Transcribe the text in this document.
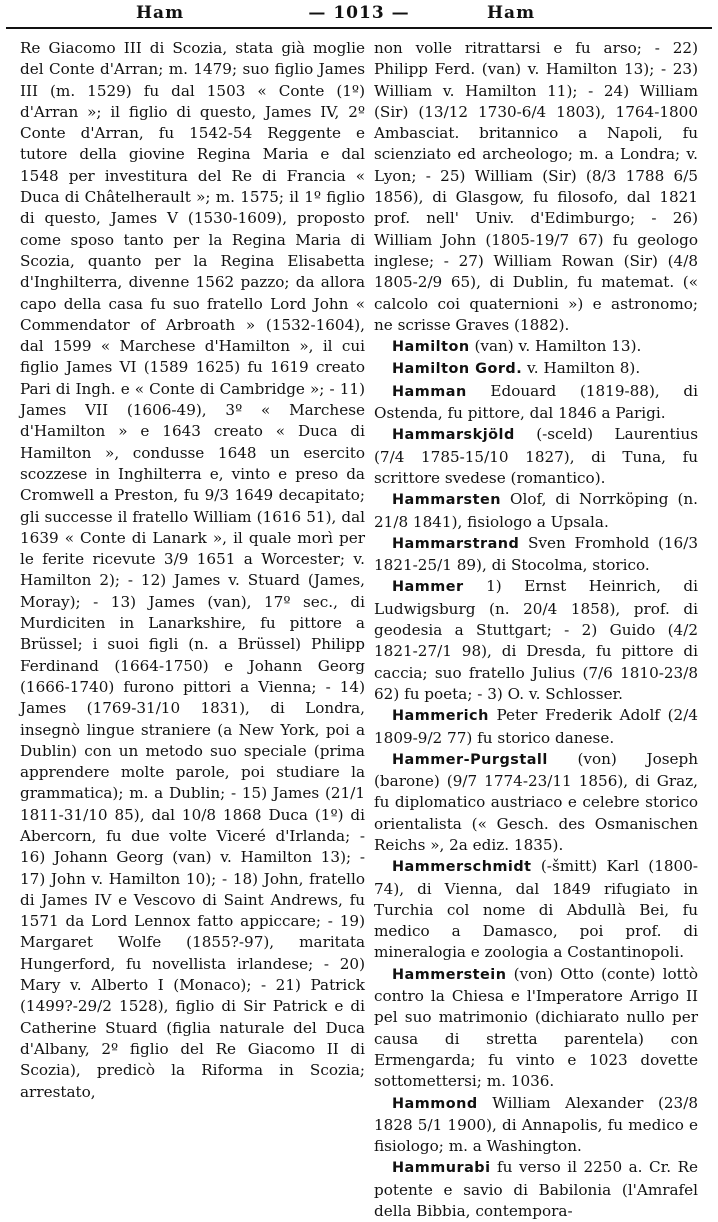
Ham	— 1013 —	Ham

Re Giacomo III di Scozia, stata già moglie del Conte d'Arran; m. 1479; suo figlio James III (m. 1529) fu dal 1503 « Conte (1º) d'Arran »; il figlio di questo, James IV, 2º Conte d'Arran, fu 1542-54 Reggente e tutore della giovine Regina Maria e dal 1548 per investitura del Re di Francia « Duca di Châtelherault »; m. 1575; il 1º figlio di questo, James V (1530-1609), proposto come sposo tanto per la Regina Maria di Scozia, quanto per la Regina Elisabetta d'Inghilterra, divenne 1562 pazzo; da allora capo della casa fu suo fratello Lord John « Commendator of Arbroath » (1532-1604), dal 1599 « Marchese d'Hamilton », il cui figlio James VI (1589 1625) fu 1619 creato Pari di Ingh. e « Conte di Cambridge »; - 11) James VII (1606-49), 3º « Marchese d'Hamilton » e 1643 creato « Duca di Hamilton », condusse 1648 un esercito scozzese in Inghilterra e, vinto e preso da Cromwell a Preston, fu 9/3 1649 decapitato; gli successe il fratello William (1616 51), dal 1639 « Conte di Lanark », il quale morì per le ferite ricevute 3/9 1651 a Worcester; v. Hamilton 2); - 12) James v. Stuard (James, Moray); - 13) James (van), 17º sec., di Murdiciten in Lanarkshire, fu pittore a Brüssel; i suoi figli (n. a Brüssel) Philipp Ferdinand (1664-1750) e Johann Georg (1666-1740) furono pittori a Vienna; - 14) James (1769-31/10 1831), di Londra, insegnò lingue straniere (a New York, poi a Dublin) con un metodo suo speciale (prima apprendere molte parole, poi studiare la grammatica); m. a Dublin; - 15) James (21/1 1811-31/10 85), dal 10/8 1868 Duca (1º) di Abercorn, fu due volte Viceré d'Irlanda; - 16) Johann Georg (van) v. Hamilton 13); - 17) John v. Hamilton 10); - 18) John, fratello di James IV e Vescovo di Saint Andrews, fu 1571 da Lord Lennox fatto appiccare; - 19) Margaret Wolfe (1855?-97), maritata Hungerford, fu novellista irlandese; - 20) Mary v. Alberto I (Monaco); - 21) Patrick (1499?-29/2 1528), figlio di Sir Patrick e di Catherine Stuard (figlia naturale del Duca d'Albany, 2º figlio del Re Giacomo II di Scozia), predicò la Riforma in Scozia; arrestato,

non volle ritrattarsi e fu arso; - 22) Philipp Ferd. (van) v. Hamilton 13); - 23) William v. Hamilton 11); - 24) William (Sir) (13/12 1730-6/4 1803), 1764-1800 Ambasciat. britannico a Napoli, fu scienziato ed archeologo; m. a Londra; v. Lyon; - 25) William (Sir) (8/3 1788 6/5 1856), di Glasgow, fu filosofo, dal 1821 prof. nell' Univ. d'Edimburgo; - 26) William John (1805-19/7 67) fu geologo inglese; - 27) William Rowan (Sir) (4/8 1805-2/9 65), di Dublin, fu matemat. (« calcolo coi quaternioni ») e astronomo; ne scrisse Graves (1882).

Hamilton (van) v. Hamilton 13).

Hamilton Gord. v. Hamilton 8).

Hamman Edouard (1819-88), di Ostenda, fu pittore, dal 1846 a Parigi.

Hammarskjöld (-sceld) Laurentius (7/4 1785-15/10 1827), di Tuna, fu scrittore svedese (romantico).

Hammarsten Olof, di Norrköping (n. 21/8 1841), fisiologo a Upsala.

Hammarstrand Sven Fromhold (16/3 1821-25/1 89), di Stocolma, storico.

Hammer 1) Ernst Heinrich, di Ludwigsburg (n. 20/4 1858), prof. di geodesia a Stuttgart; - 2) Guido (4/2 1821-27/1 98), di Dresda, fu pittore di caccia; suo fratello Julius (7/6 1810-23/8 62) fu poeta; - 3) O. v. Schlosser.

Hammerich Peter Frederik Adolf (2/4 1809-9/2 77) fu storico danese.

Hammer-Purgstall (von) Joseph (barone) (9/7 1774-23/11 1856), di Graz, fu diplomatico austriaco e celebre storico orientalista (« Gesch. des Osmanischen Reichs », 2a ediz. 1835).

Hammerschmidt (-šmitt) Karl (1800-74), di Vienna, dal 1849 rifugiato in Turchia col nome di Abdullà Bei, fu medico a Damasco, poi prof. di mineralogia e zoologia a Costantinopoli.

Hammerstein (von) Otto (conte) lottò contro la Chiesa e l'Imperatore Arrigo II pel suo matrimonio (dichiarato nullo per causa di stretta parentela) con Ermengarda; fu vinto e 1023 dovette sottomettersi; m. 1036.

Hammond William Alexander (23/8 1828 5/1 1900), di Annapolis, fu medico e fisiologo; m. a Washington.

Hammurabi fu verso il 2250 a. Cr. Re potente e savio di Babilonia (l'Amrafel della Bibbia, contempora-
